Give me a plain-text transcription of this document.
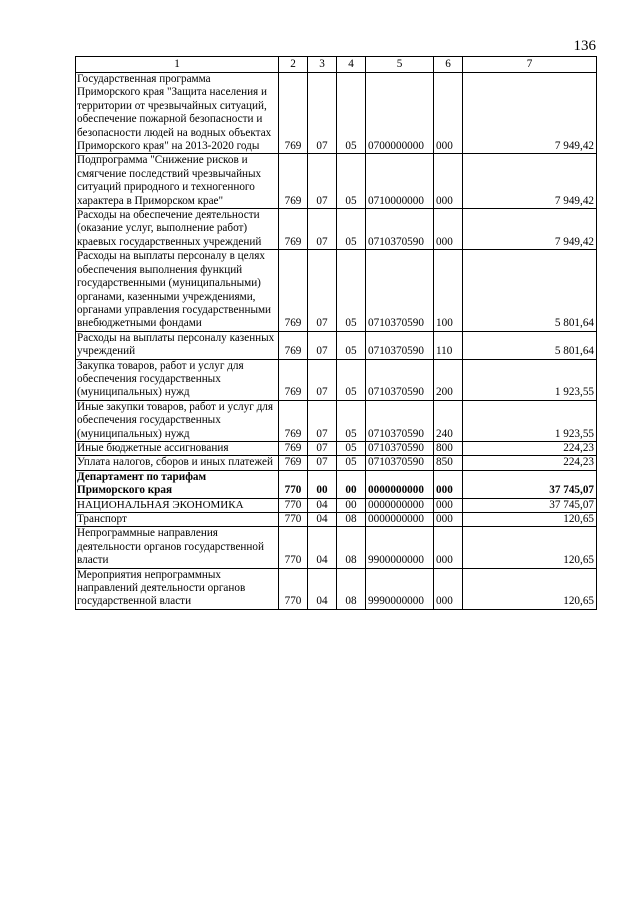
136
1	2	3	4	5	6	7
Государственная программа Приморского края "Защита населения и территории от чрезвычайных ситуаций, обеспечение пожарной безопасности и безопасности людей на водных объектах Приморского края" на 2013-2020 годы	769	07	05	0700000000	000	7 949,42
Подпрограмма "Снижение рисков и смягчение последствий чрезвычайных ситуаций природного и техногенного характера в Приморском крае"	769	07	05	0710000000	000	7 949,42
Расходы на обеспечение деятельности (оказание услуг, выполнение работ) краевых государственных учреждений	769	07	05	0710370590	000	7 949,42
Расходы на выплаты персоналу в целях обеспечения выполнения функций государственными (муниципальными) органами, казенными учреждениями, органами управления государственными внебюджетными фондами	769	07	05	0710370590	100	5 801,64
Расходы на выплаты персоналу казенных учреждений	769	07	05	0710370590	110	5 801,64
Закупка товаров, работ и услуг для обеспечения государственных (муниципальных) нужд	769	07	05	0710370590	200	1 923,55
Иные закупки товаров, работ и услуг для обеспечения государственных (муниципальных) нужд	769	07	05	0710370590	240	1 923,55
Иные бюджетные ассигнования	769	07	05	0710370590	800	224,23
Уплата налогов, сборов и иных платежей	769	07	05	0710370590	850	224,23
Департамент по тарифам Приморского края	770	00	00	0000000000	000	37 745,07
НАЦИОНАЛЬНАЯ ЭКОНОМИКА	770	04	00	0000000000	000	37 745,07
Транспорт	770	04	08	0000000000	000	120,65
Непрограммные направления деятельности органов государственной власти	770	04	08	9900000000	000	120,65
Мероприятия непрограммных направлений деятельности органов государственной власти	770	04	08	9990000000	000	120,65
